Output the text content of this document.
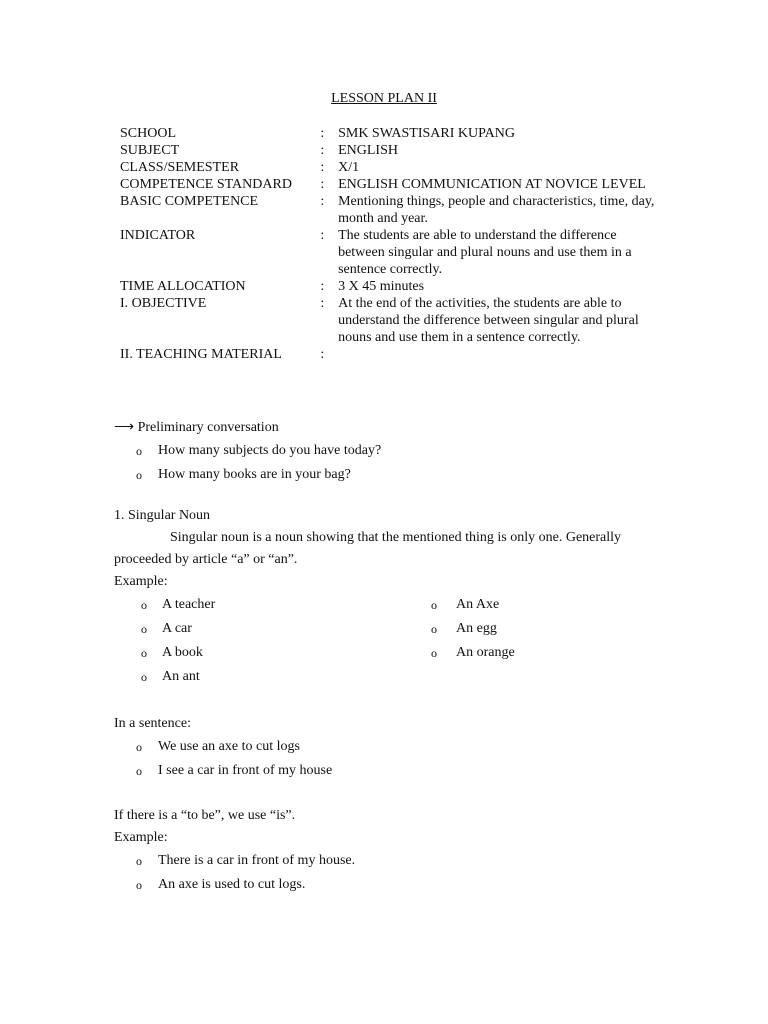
LESSON PLAN II
SCHOOL	:	SMK SWASTISARI KUPANG
SUBJECT	:	ENGLISH
CLASS/SEMESTER	:	X/1
COMPETENCE STANDARD	:	ENGLISH COMMUNICATION AT NOVICE LEVEL
BASIC COMPETENCE	:	Mentioning things, people and characteristics, time, day, month and year.
INDICATOR	:	The students are able to understand the difference between singular and plural nouns and use them in a sentence correctly.
TIME ALLOCATION	:	3 X 45 minutes
I. OBJECTIVE	:	At the end of the activities, the students are able to understand the difference between singular and plural nouns and use them in a sentence correctly.
II. TEACHING MATERIAL	:	
⟶ Preliminary conversation
o How many subjects do you have today?
o How many books are in your bag?
1. Singular Noun
Singular noun is a noun showing that the mentioned thing is only one. Generally
proceeded by article “a” or “an”.
Example:
o A teacher
o A car
o A book
o An ant
o An Axe
o An egg
o An orange
In a sentence:
o We use an axe to cut logs
o I see a car in front of my house
If there is a “to be”, we use “is”.
Example:
o There is a car in front of my house.
o An axe is used to cut logs.
